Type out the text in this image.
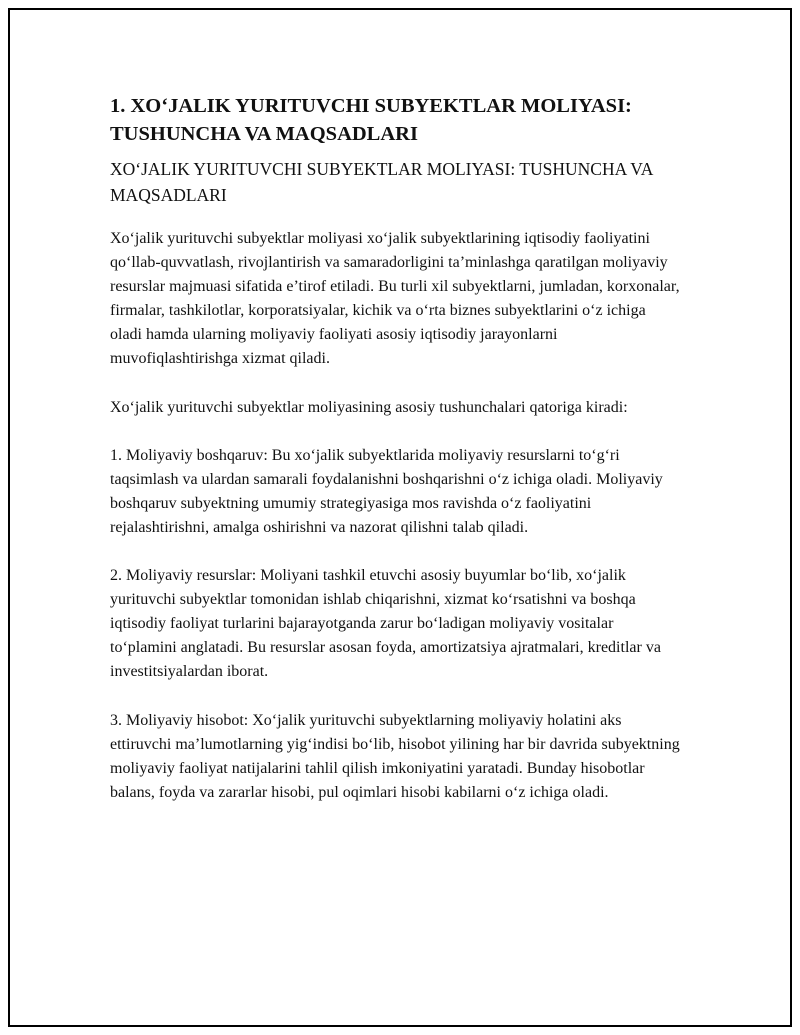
1. XO‘JALIK YURITUVCHI SUBYEKTLAR MOLIYASI: TUSHUNCHA VA MAQSADLARI
XO‘JALIK YURITUVCHI SUBYEKTLAR MOLIYASI: TUSHUNCHA VA MAQSADLARI

Xo‘jalik yurituvchi subyektlar moliyasi xo‘jalik subyektlarining iqtisodiy faoliyatini qo‘llab-quvvatlash, rivojlantirish va samaradorligini ta’minlashga qaratilgan moliyaviy resurslar majmuasi sifatida e’tirof etiladi. Bu turli xil subyektlarni, jumladan, korxonalar, firmalar, tashkilotlar, korporatsiyalar, kichik va o‘rta biznes subyektlarini o‘z ichiga oladi hamda ularning moliyaviy faoliyati asosiy iqtisodiy jarayonlarni muvofiqlashtirishga xizmat qiladi.

Xo‘jalik yurituvchi subyektlar moliyasining asosiy tushunchalari qatoriga kiradi:

1. Moliyaviy boshqaruv: Bu xo‘jalik subyektlarida moliyaviy resurslarni to‘g‘ri taqsimlash va ulardan samarali foydalanishni boshqarishni o‘z ichiga oladi. Moliyaviy boshqaruv subyektning umumiy strategiyasiga mos ravishda o‘z faoliyatini rejalashtirishni, amalga oshirishni va nazorat qilishni talab qiladi.

2. Moliyaviy resurslar: Moliyani tashkil etuvchi asosiy buyumlar bo‘lib, xo‘jalik yurituvchi subyektlar tomonidan ishlab chiqarishni, xizmat ko‘rsatishni va boshqa iqtisodiy faoliyat turlarini bajarayotganda zarur bo‘ladigan moliyaviy vositalar to‘plamini anglatadi. Bu resurslar asosan foyda, amortizatsiya ajratmalari, kreditlar va investitsiyalardan iborat.

3. Moliyaviy hisobot: Xo‘jalik yurituvchi subyektlarning moliyaviy holatini aks ettiruvchi ma’lumotlarning yig‘indisi bo‘lib, hisobot yilining har bir davrida subyektning moliyaviy faoliyat natijalarini tahlil qilish imkoniyatini yaratadi. Bunday hisobotlar balans, foyda va zararlar hisobi, pul oqimlari hisobi kabilarni o‘z ichiga oladi.
